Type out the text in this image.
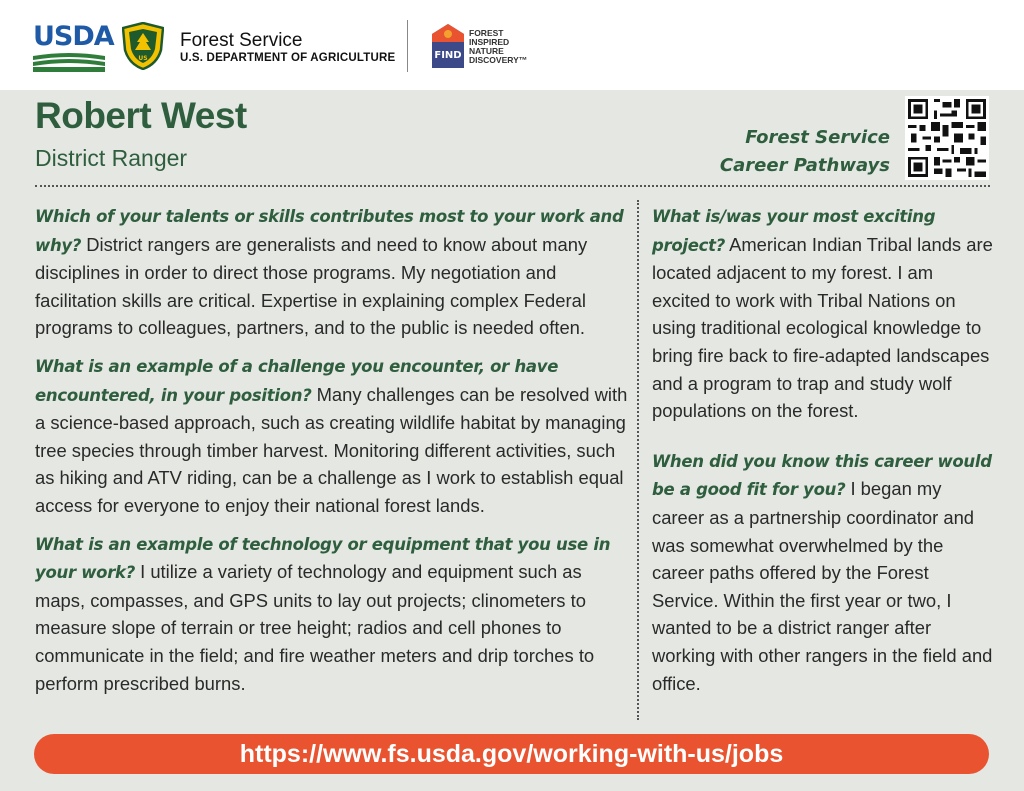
USDA
US
Forest Service
U.S. DEPARTMENT OF AGRICULTURE	FIND
FOREST
INSPIRED
NATURE
DISCOVERY™
Robert West
District Ranger
Forest Service
Career Pathways

Which of your talents or skills contributes most to your work and why? District rangers are generalists and need to know about many disciplines in order to direct those programs. My negotiation and facilitation skills are critical. Expertise in explaining complex Federal programs to colleagues, partners, and to the public is needed often.

What is an example of a challenge you encounter, or have encountered, in your position? Many challenges can be resolved with a science-based approach, such as creating wildlife habitat by managing tree species through timber harvest. Monitoring different activities, such as hiking and ATV riding, can be a challenge as I work to establish equal access for everyone to enjoy their national forest lands.

What is an example of technology or equipment that you use in your work? I utilize a variety of technology and equipment such as maps, compasses, and GPS units to lay out projects; clinometers to measure slope of terrain or tree height; radios and cell phones to communicate in the field; and fire weather meters and drip torches to perform prescribed burns.

What is/was your most exciting project? American Indian Tribal lands are located adjacent to my forest. I am excited to work with Tribal Nations on using traditional ecological knowledge to bring fire back to fire-adapted landscapes and a program to trap and study wolf populations on the forest.

When did you know this career would be a good fit for you? I began my career as a partnership coordinator and was somewhat overwhelmed by the career paths offered by the Forest Service. Within the first year or two, I wanted to be a district ranger after working with other rangers in the field and office.

https://www.fs.usda.gov/working-with-us/jobs
